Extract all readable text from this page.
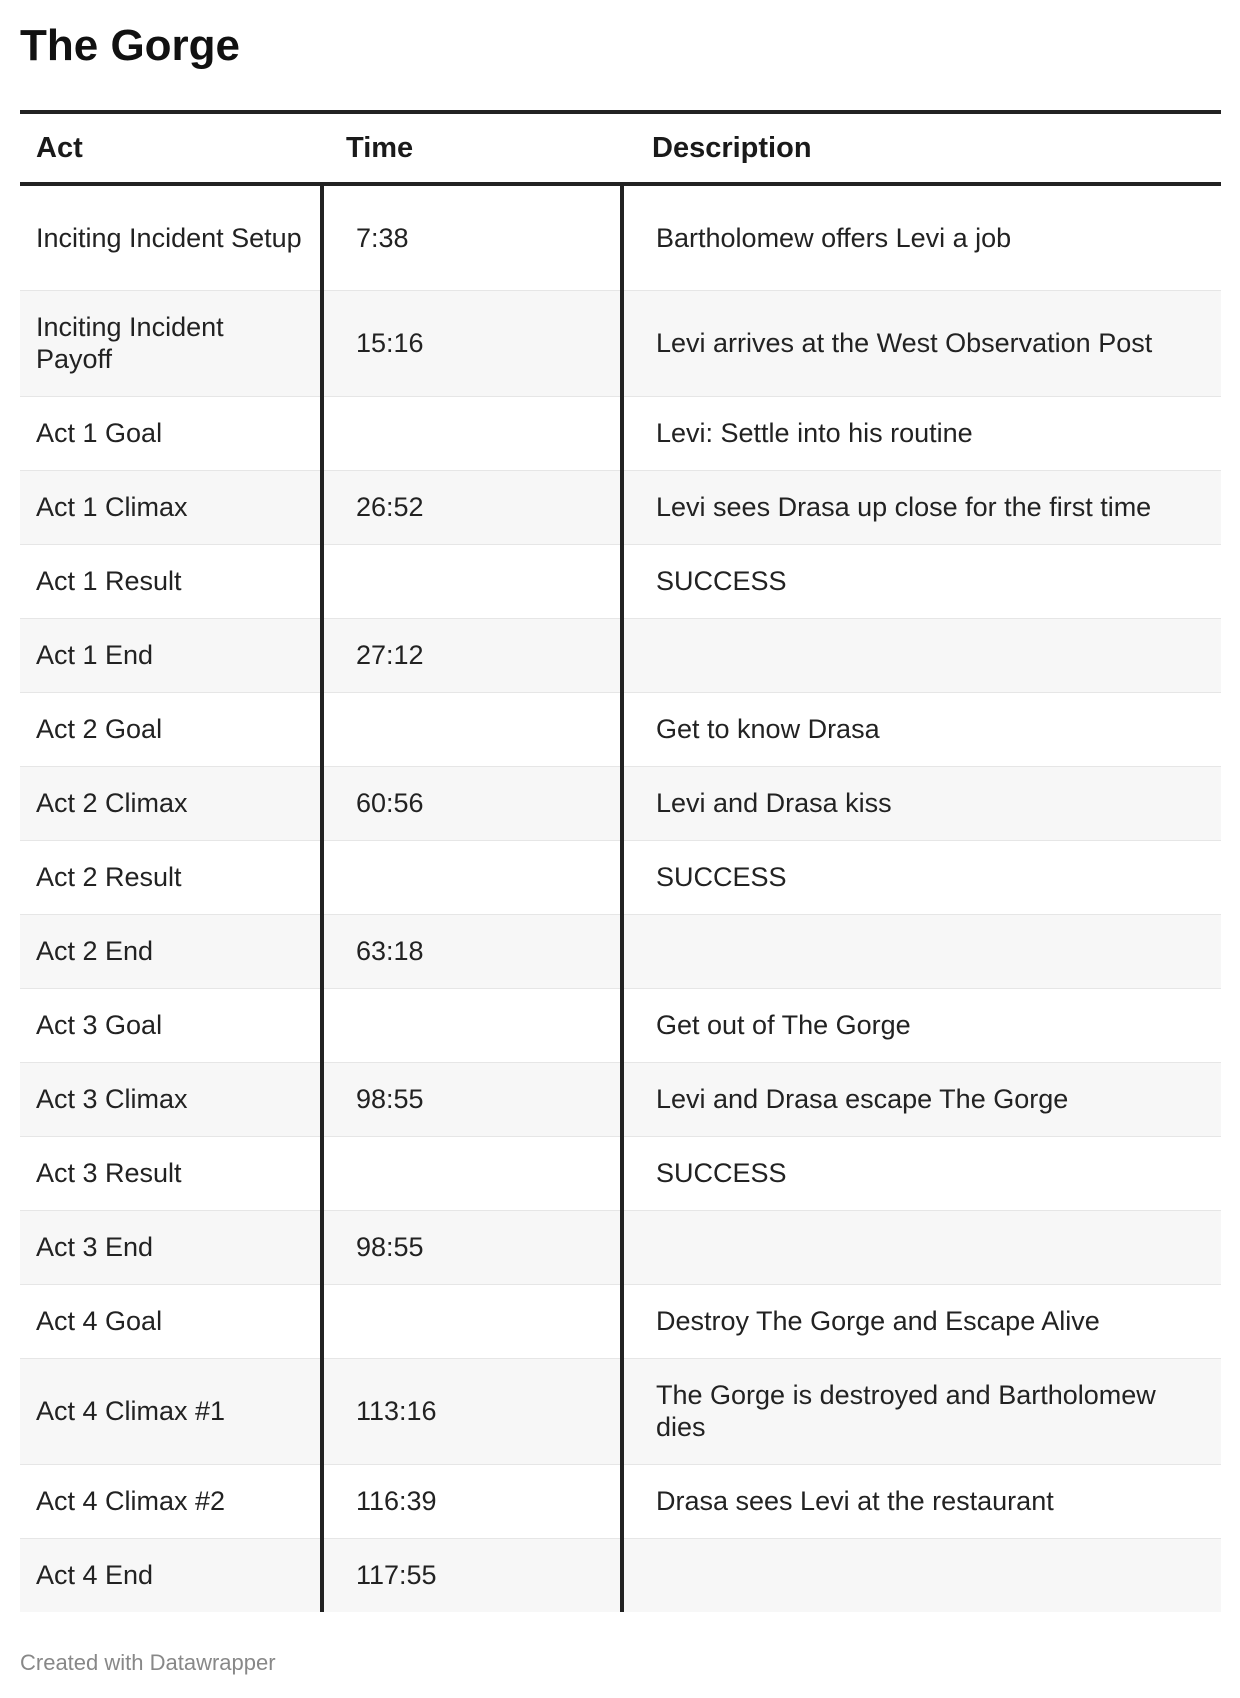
The Gorge
Act	Time	Description
Inciting Incident Setup	7:38	Bartholomew offers Levi a job
Inciting Incident Payoff	15:16	Levi arrives at the West Observation Post
Act 1 Goal		Levi: Settle into his routine
Act 1 Climax	26:52	Levi sees Drasa up close for the first time
Act 1 Result		SUCCESS
Act 1 End	27:12	
Act 2 Goal		Get to know Drasa
Act 2 Climax	60:56	Levi and Drasa kiss
Act 2 Result		SUCCESS
Act 2 End	63:18	
Act 3 Goal		Get out of The Gorge
Act 3 Climax	98:55	Levi and Drasa escape The Gorge
Act 3 Result		SUCCESS
Act 3 End	98:55	
Act 4 Goal		Destroy The Gorge and Escape Alive
Act 4 Climax #1	113:16	The Gorge is destroyed and Bartholomew dies
Act 4 Climax #2	116:39	Drasa sees Levi at the restaurant
Act 4 End	117:55	
Created with Datawrapper
